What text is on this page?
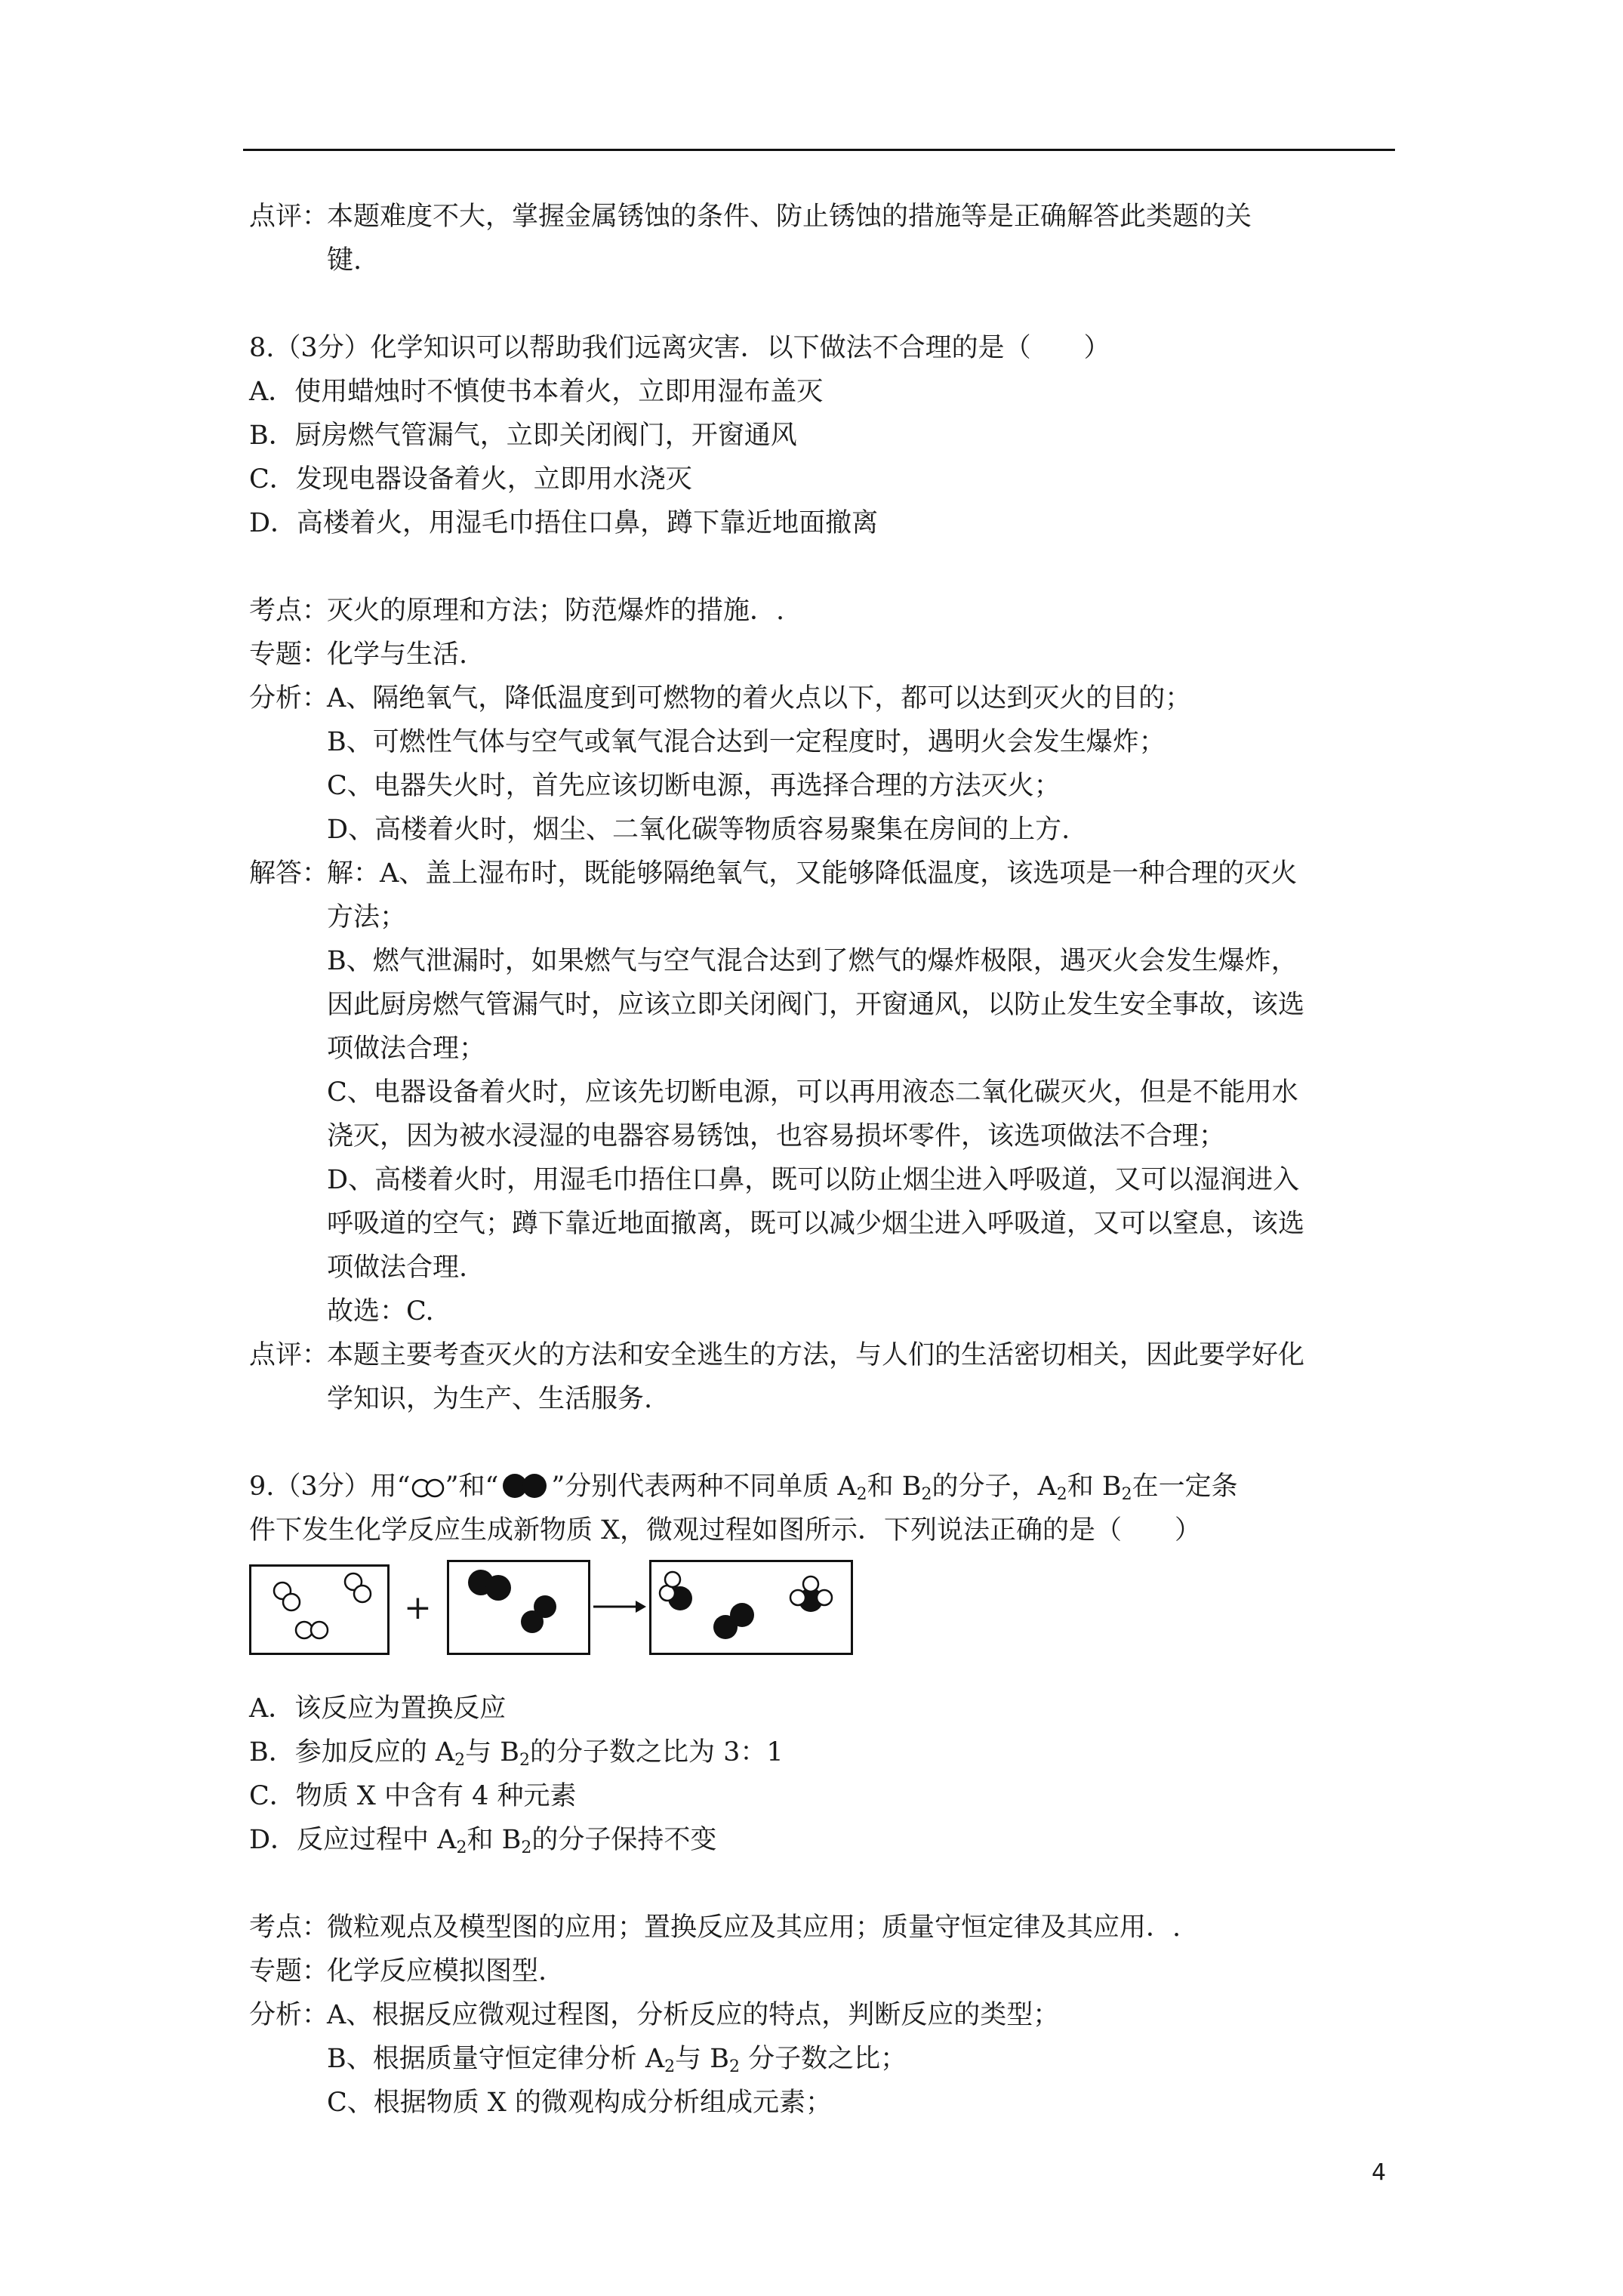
点评：
本题难度不大，掌握金属锈蚀的条件、防止锈蚀的措施等是正确解答此类题的关
键.
8.（3分）化学知识可以帮助我们远离灾害．以下做法不合理的是（　　）
A．使用蜡烛时不慎使书本着火，立即用湿布盖灭
B．厨房燃气管漏气，立即关闭阀门，开窗通风
C．发现电器设备着火，立即用水浇灭
D．高楼着火，用湿毛巾捂住口鼻，蹲下靠近地面撤离
考点：
灭火的原理和方法；防范爆炸的措施．.
专题：
化学与生活.
分析：
A、隔绝氧气，降低温度到可燃物的着火点以下，都可以达到灭火的目的；
B、可燃性气体与空气或氧气混合达到一定程度时，遇明火会发生爆炸；
C、电器失火时，首先应该切断电源，再选择合理的方法灭火；
D、高楼着火时，烟尘、二氧化碳等物质容易聚集在房间的上方.
解答：
解：A、盖上湿布时，既能够隔绝氧气，又能够降低温度，该选项是一种合理的灭火
方法；
B、燃气泄漏时，如果燃气与空气混合达到了燃气的爆炸极限，遇灭火会发生爆炸，
因此厨房燃气管漏气时，应该立即关闭阀门，开窗通风，以防止发生安全事故，该选
项做法合理；
C、电器设备着火时，应该先切断电源，可以再用液态二氧化碳灭火，但是不能用水
浇灭，因为被水浸湿的电器容易锈蚀，也容易损坏零件，该选项做法不合理；
D、高楼着火时，用湿毛巾捂住口鼻，既可以防止烟尘进入呼吸道，又可以湿润进入
呼吸道的空气；蹲下靠近地面撤离，既可以减少烟尘进入呼吸道，又可以窒息，该选
项做法合理.
故选：C.
点评：
本题主要考查灭火的方法和安全逃生的方法，与人们的生活密切相关，因此要学好化
学知识，为生产、生活服务.
9.（3分）用“ ”和“ ”分别代表两种不同单质 $A_2$和 $B_2$的分子，$A_2$和 $B_2$在一定条
件下发生化学反应生成新物质 X，微观过程如图所示．下列说法正确的是（　　）
+
A．该反应为置换反应
B．参加反应的 $A_2$与 $B_2$的分子数之比为 3：1
C．物质 X 中含有 4 种元素
D．反应过程中 $A_2$和 $B_2$的分子保持不变
考点：
微粒观点及模型图的应用；置换反应及其应用；质量守恒定律及其应用．.
专题：
化学反应模拟图型.
分析：
A、根据反应微观过程图，分析反应的特点，判断反应的类型；
B、根据质量守恒定律分析 $A_2$与 $B_2$ 分子数之比；
C、根据物质 X 的微观构成分析组成元素；
4
